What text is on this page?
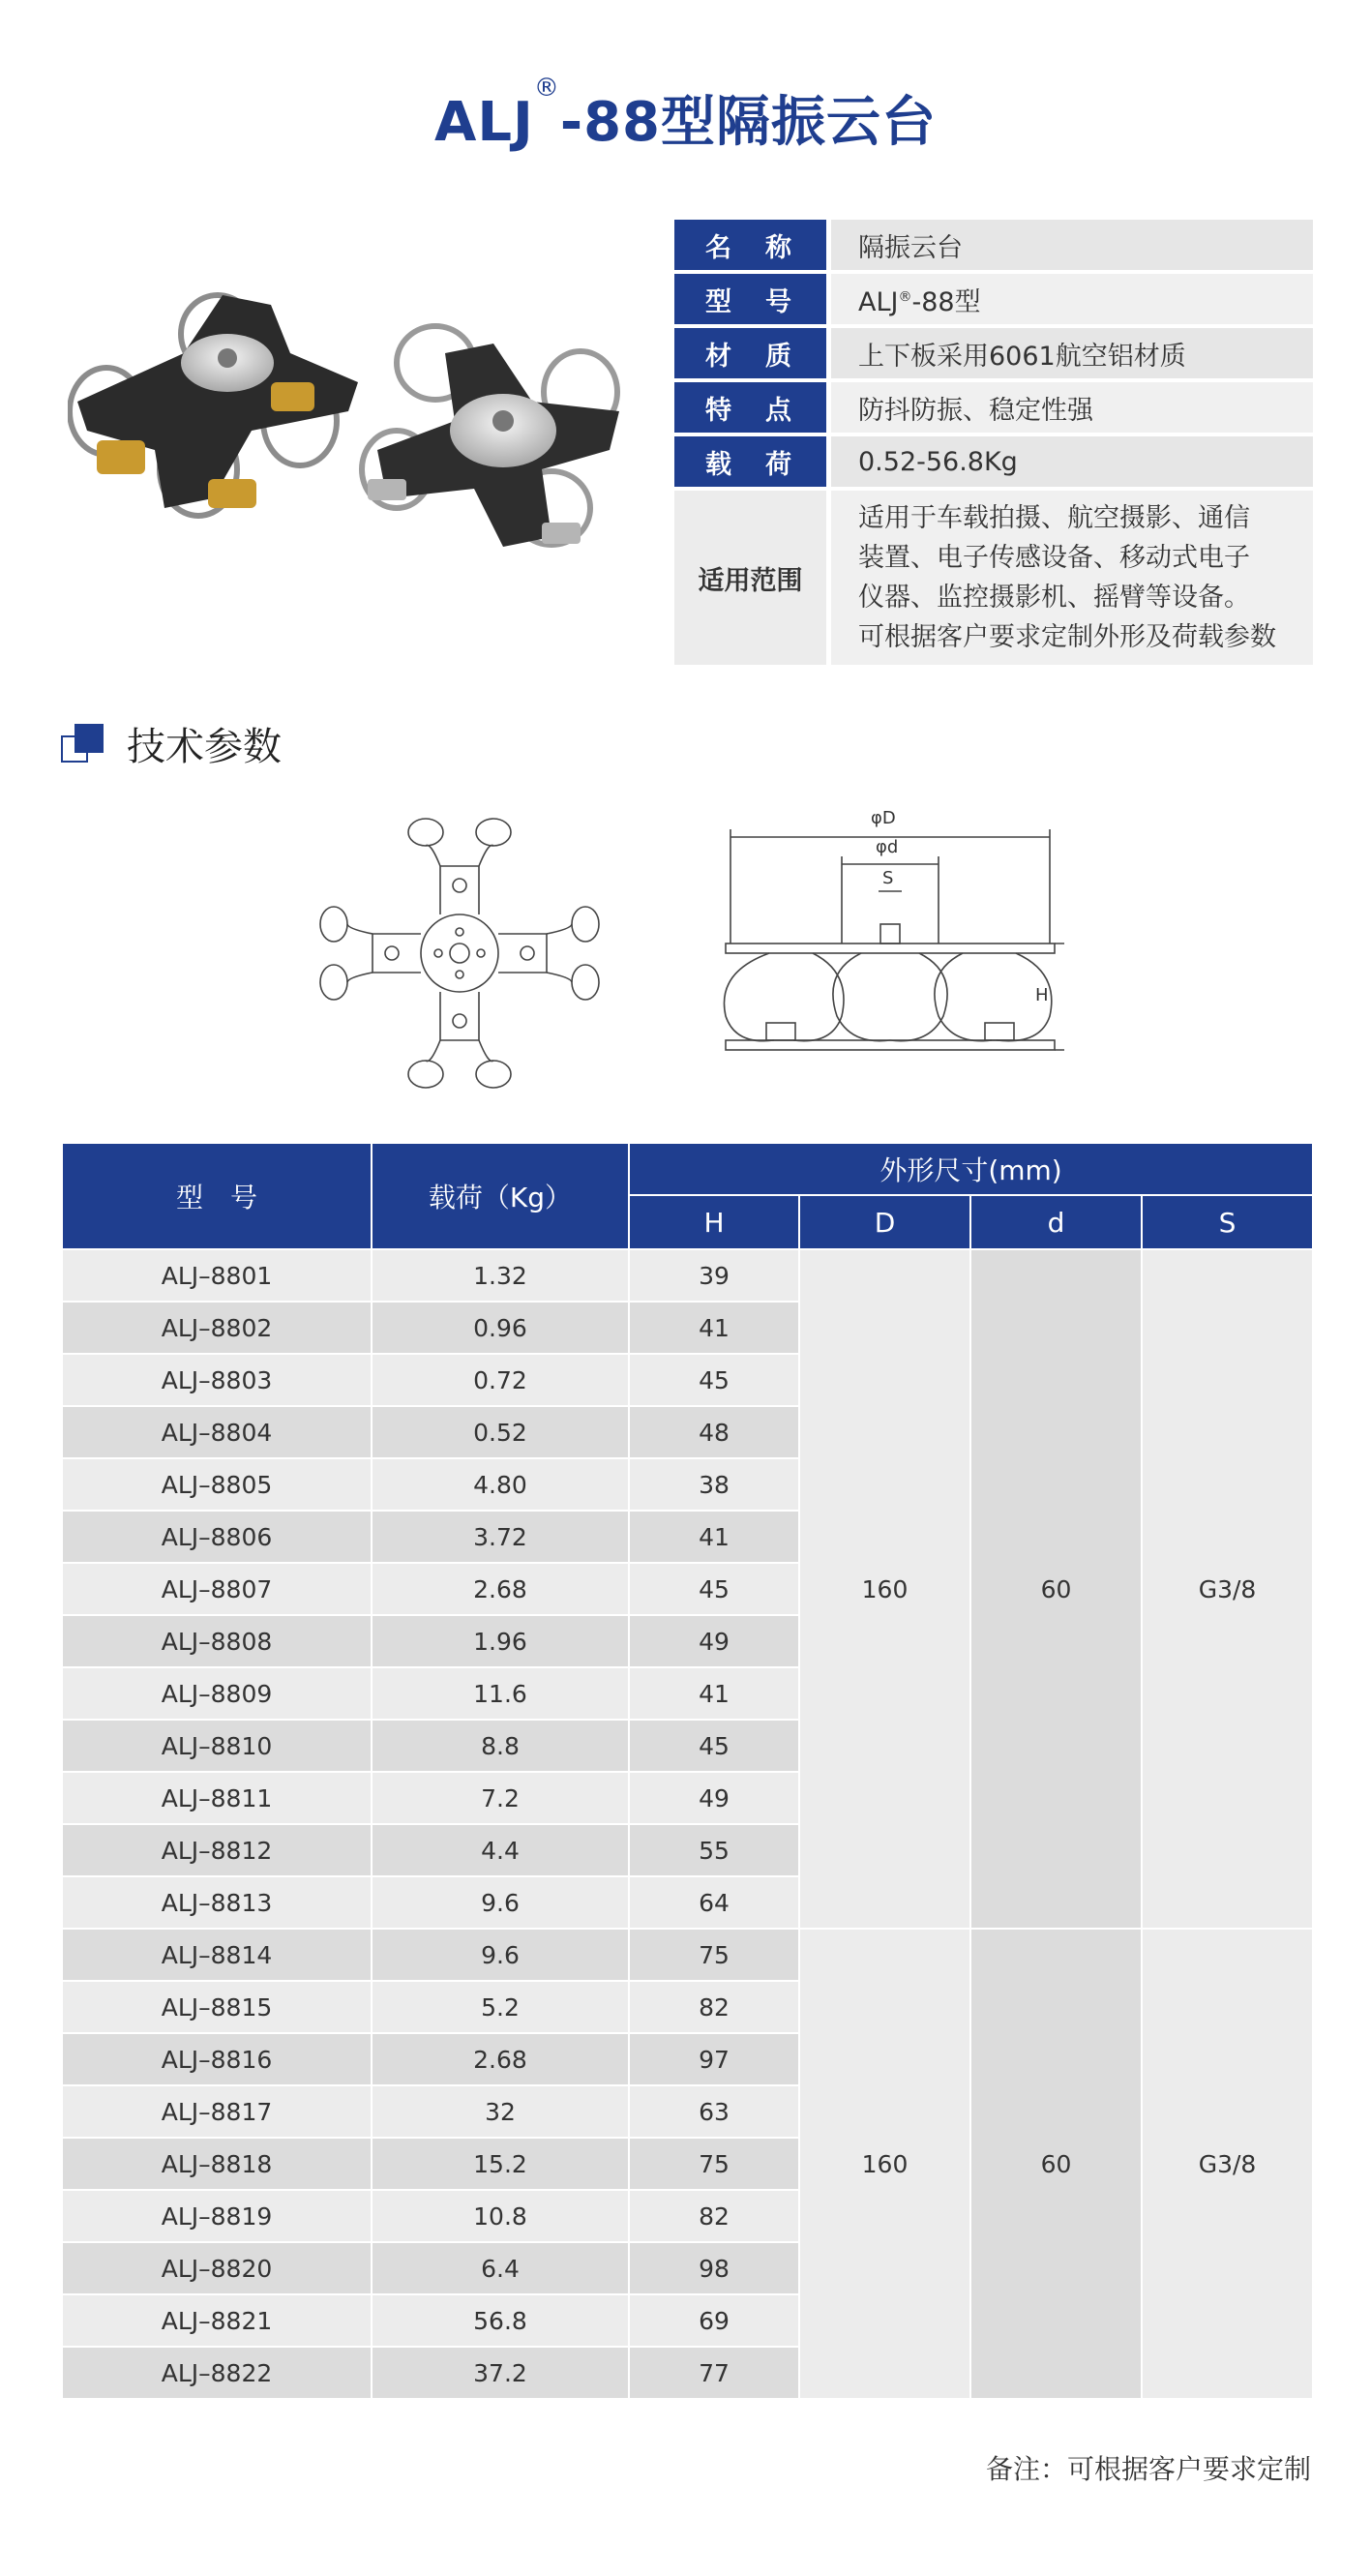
ALJ®-88型隔振云台
名　称	隔振云台
型　号	ALJ®-88型
材　质	上下板采用6061航空铝材质
特　点	防抖防振、稳定性强
载　荷	0.52-56.8Kg
适用范围	适用于车载拍摄、航空摄影、通信
装置、电子传感设备、移动式电子
仪器、监控摄影机、摇臂等设备。
可根据客户要求定制外形及荷载参数
技术参数
φD
φd
S
H
型　号	载荷（Kg）	外形尺寸(mm)			
		H	D	d	S
ALJ–8801	1.32	39	160	60	G3/8
ALJ–8802	0.96	41			
ALJ–8803	0.72	45			
ALJ–8804	0.52	48			
ALJ–8805	4.80	38			
ALJ–8806	3.72	41			
ALJ–8807	2.68	45			
ALJ–8808	1.96	49			
ALJ–8809	11.6	41			
ALJ–8810	8.8	45			
ALJ–8811	7.2	49			
ALJ–8812	4.4	55			
ALJ–8813	9.6	64			
ALJ–8814	9.6	75	160	60	G3/8
ALJ–8815	5.2	82			
ALJ–8816	2.68	97			
ALJ–8817	32	63			
ALJ–8818	15.2	75			
ALJ–8819	10.8	82			
ALJ–8820	6.4	98			
ALJ–8821	56.8	69			
ALJ–8822	37.2	77			
备注：可根据客户要求定制
